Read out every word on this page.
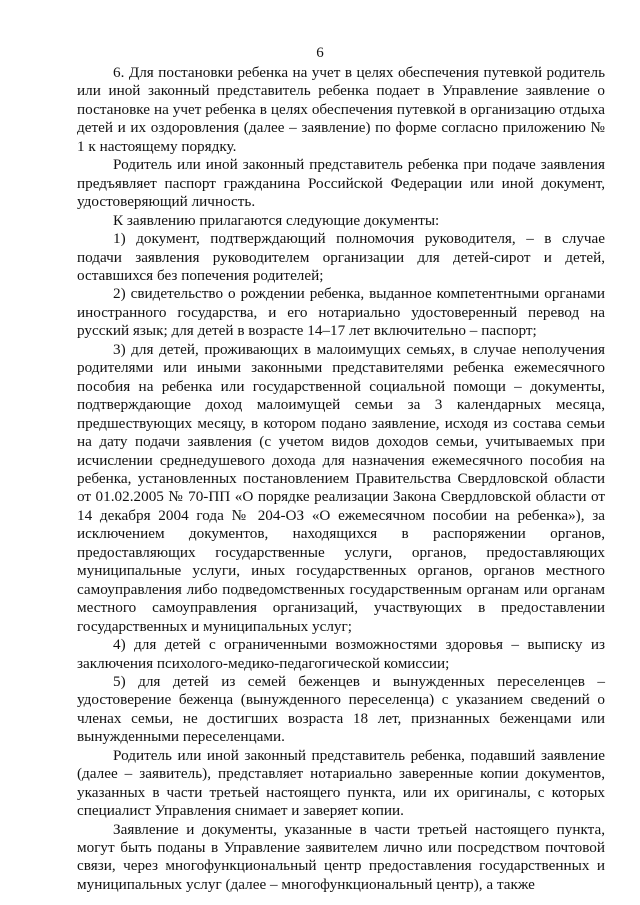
6

6. Для постановки ребенка на учет в целях обеспечения путевкой родитель или иной законный представитель ребенка подает в Управление заявление о постановке на учет ребенка в целях обеспечения путевкой в организацию отдыха детей и их оздоровления (далее – заявление) по форме согласно приложению № 1 к настоящему порядку.

Родитель или иной законный представитель ребенка при подаче заявления предъявляет паспорт гражданина Российской Федерации или иной документ, удостоверяющий личность.

К заявлению прилагаются следующие документы:

1) документ, подтверждающий полномочия руководителя, – в случае подачи заявления руководителем организации для детей-сирот и детей, оставшихся без попечения родителей;

2) свидетельство о рождении ребенка, выданное компетентными органами иностранного государства, и его нотариально удостоверенный перевод на русский язык; для детей в возрасте 14–17 лет включительно – паспорт;

3) для детей, проживающих в малоимущих семьях, в случае неполучения родителями или иными законными представителями ребенка ежемесячного пособия на ребенка или государственной социальной помощи – документы, подтверждающие доход малоимущей семьи за 3 календарных месяца, предшествующих месяцу, в котором подано заявление, исходя из состава семьи на дату подачи заявления (с учетом видов доходов семьи, учитываемых при исчислении среднедушевого дохода для назначения ежемесячного пособия на ребенка, установленных постановлением Правительства Свердловской области от 01.02.2005 № 70-ПП «О порядке реализации Закона Свердловской области от 14 декабря 2004 года № 204-ОЗ «О ежемесячном пособии на ребенка»), за исключением документов, находящихся в распоряжении органов, предоставляющих государственные услуги, органов, предоставляющих муниципальные услуги, иных государственных органов, органов местного самоуправления либо подведомственных государственным органам или органам местного самоуправления организаций, участвующих в предоставлении государственных и муниципальных услуг;

4) для детей с ограниченными возможностями здоровья – выписку из заключения психолого-медико-педагогической комиссии;

5) для детей из семей беженцев и вынужденных переселенцев – удостоверение беженца (вынужденного переселенца) с указанием сведений о членах семьи, не достигших возраста 18 лет, признанных беженцами или вынужденными переселенцами.

Родитель или иной законный представитель ребенка, подавший заявление (далее – заявитель), представляет нотариально заверенные копии документов, указанных в части третьей настоящего пункта, или их оригиналы, с которых специалист Управления снимает и заверяет копии.

Заявление и документы, указанные в части третьей настоящего пункта, могут быть поданы в Управление заявителем лично или посредством почтовой связи, через многофункциональный центр предоставления государственных и муниципальных услуг (далее – многофункциональный центр), а также
